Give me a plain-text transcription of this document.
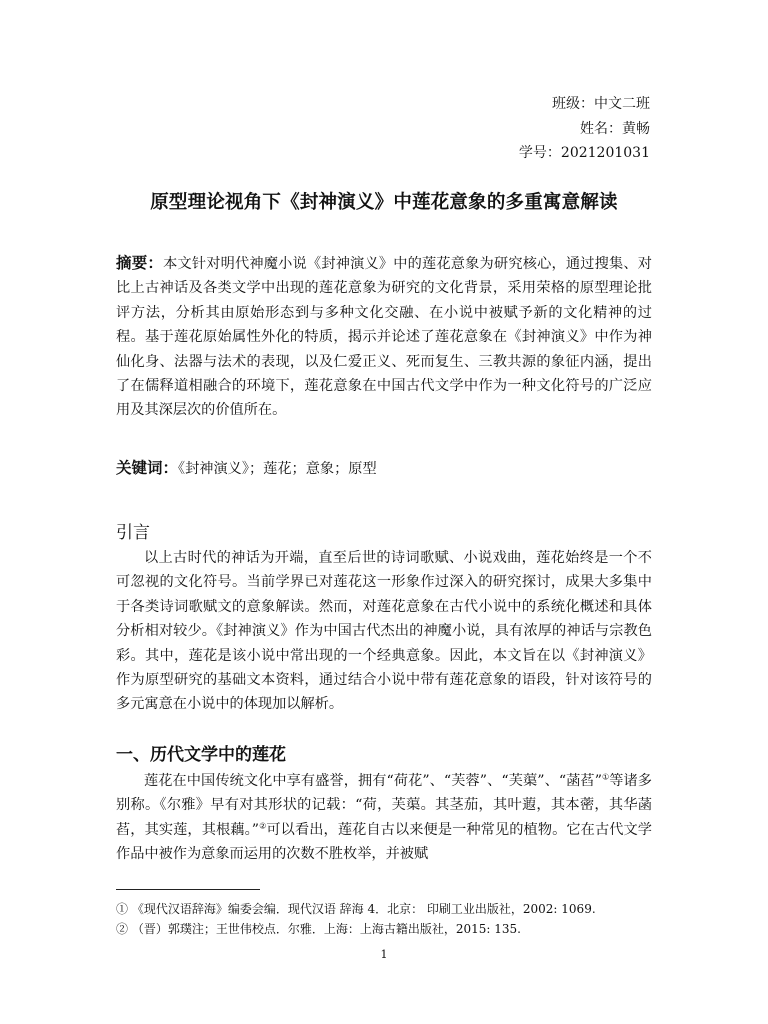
班级：中文二班
姓名：黄畅
学号：2021201031
原型理论视角下《封神演义》中莲花意象的多重寓意解读
摘要：本文针对明代神魔小说《封神演义》中的莲花意象为研究核心，通过搜集、对比上古神话及各类文学中出现的莲花意象为研究的文化背景，采用荣格的原型理论批评方法，分析其由原始形态到与多种文化交融、在小说中被赋予新的文化精神的过程。基于莲花原始属性外化的特质，揭示并论述了莲花意象在《封神演义》中作为神仙化身、法器与法术的表现，以及仁爱正义、死而复生、三教共源的象征内涵，提出了在儒释道相融合的环境下，莲花意象在中国古代文学中作为一种文化符号的广泛应用及其深层次的价值所在。
关键词：《封神演义》；莲花；意象；原型
引言
以上古时代的神话为开端，直至后世的诗词歌赋、小说戏曲，莲花始终是一个不可忽视的文化符号。当前学界已对莲花这一形象作过深入的研究探讨，成果大多集中于各类诗词歌赋文的意象解读。然而，对莲花意象在古代小说中的系统化概述和具体分析相对较少。《封神演义》作为中国古代杰出的神魔小说，具有浓厚的神话与宗教色彩。其中，莲花是该小说中常出现的一个经典意象。因此，本文旨在以《封神演义》作为原型研究的基础文本资料，通过结合小说中带有莲花意象的语段，针对该符号的多元寓意在小说中的体现加以解析。
一、历代文学中的莲花
莲花在中国传统文化中享有盛誉，拥有“荷花”、“芙蓉”、“芙蕖”、“菡萏”①等诸多别称。《尔雅》早有对其形状的记载：“荷，芙蕖。其茎茄，其叶蕸，其本蔤，其华菡萏，其实莲，其根藕。”②可以看出，莲花自古以来便是一种常见的植物。它在古代文学作品中被作为意象而运用的次数不胜枚举，并被赋
① 《现代汉语辞海》编委会编．现代汉语 辞海 4．北京： 印刷工业出版社，2002: 1069.
② （晋）郭璞注；王世伟校点．尔雅．上海：上海古籍出版社，2015: 135.
1
